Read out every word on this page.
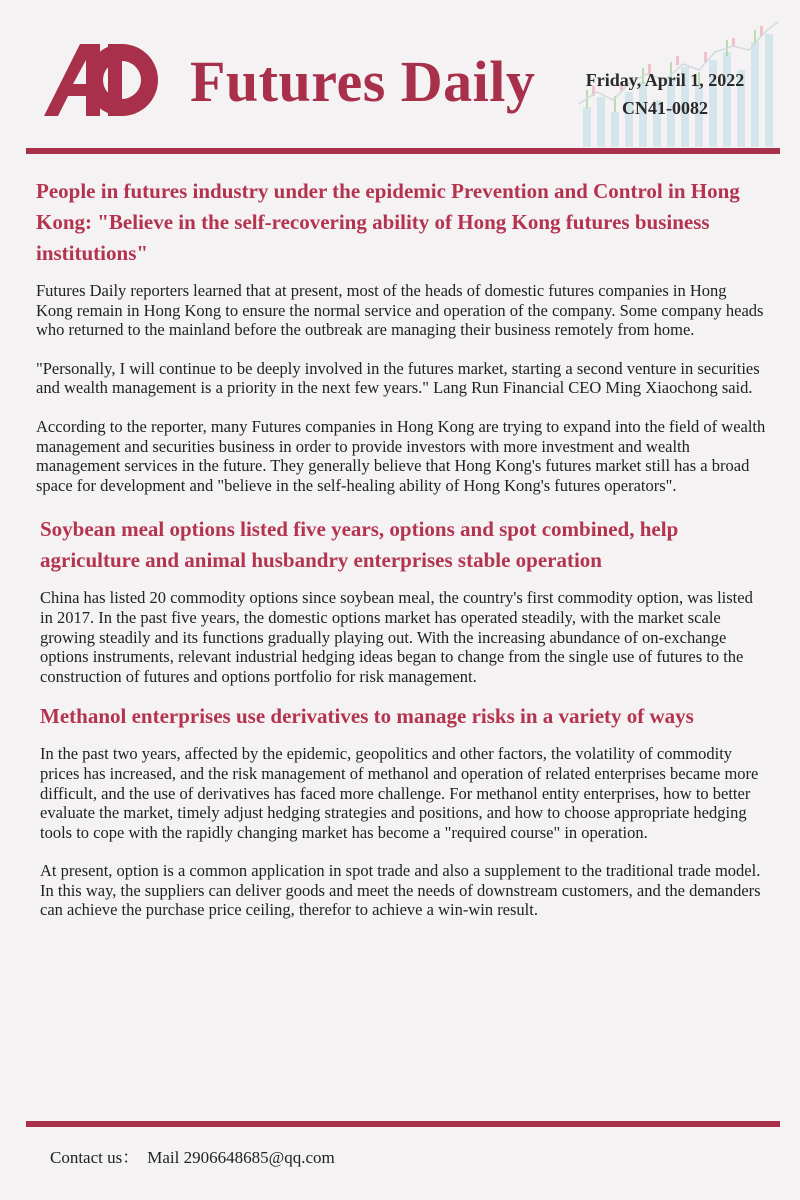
Futures Daily	Friday, April 1, 2022
CN41-0082
People in futures industry under the epidemic Prevention and Control in Hong Kong: "Believe in the self-recovering ability of Hong Kong futures business institutions"

Futures Daily reporters learned that at present, most of the heads of domestic futures companies in Hong Kong remain in Hong Kong to ensure the normal service and operation of the company. Some company heads who returned to the mainland before the outbreak are managing their business remotely from home.

"Personally, I will continue to be deeply involved in the futures market, starting a second venture in securities and wealth management is a priority in the next few years." Lang Run Financial CEO Ming Xiaochong said.

According to the reporter, many Futures companies in Hong Kong are trying to expand into the field of wealth management and securities business in order to provide investors with more investment and wealth management services in the future. They generally believe that Hong Kong's futures market still has a broad space for development and "believe in the self-healing ability of Hong Kong's futures operators".

Soybean meal options listed five years, options and spot combined, help agriculture and animal husbandry enterprises stable operation

China has listed 20 commodity options since soybean meal, the country's first commodity option, was listed in 2017. In the past five years, the domestic options market has operated steadily, with the market scale growing steadily and its functions gradually playing out. With the increasing abundance of on-exchange options instruments, relevant industrial hedging ideas began to change from the single use of futures to the construction of futures and options portfolio for risk management.

Methanol enterprises use derivatives to manage risks in a variety of ways

In the past two years, affected by the epidemic, geopolitics and other factors, the volatility of commodity prices has increased, and the risk management of methanol and operation of related enterprises became more difficult, and the use of derivatives has faced more challenge. For methanol entity enterprises, how to better evaluate the market, timely adjust hedging strategies and positions, and how to choose appropriate hedging tools to cope with the rapidly changing market has become a "required course" in operation.

At present, option is a common application in spot trade and also a supplement to the traditional trade model. In this way, the suppliers can deliver goods and meet the needs of downstream customers, and the demanders can achieve the purchase price ceiling, therefor to achieve a win-win result.

Contact us： Mail 2906648685@qq.com
